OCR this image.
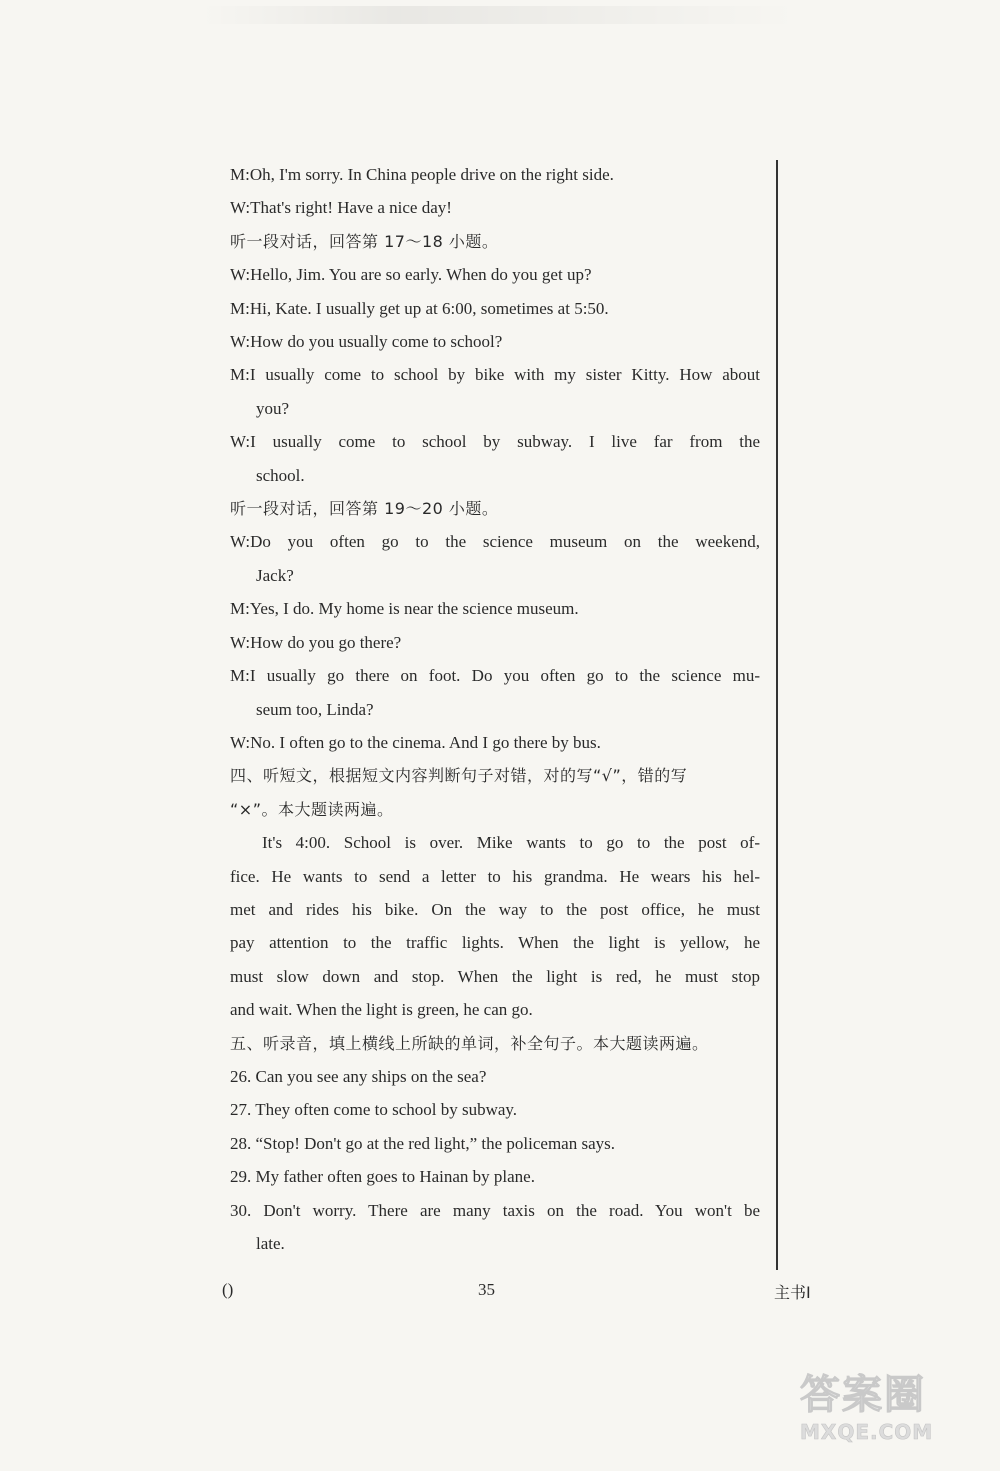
M:Oh, I'm sorry. In China people drive on the right side.
W:That's right! Have a nice day!
听一段对话，回答第 17～18 小题。
W:Hello, Jim. You are so early. When do you get up?
M:Hi, Kate. I usually get up at 6:00, sometimes at 5:50.
W:How do you usually come to school?
M:I usually come to school by bike with my sister Kitty. How about
you?
W:I usually come to school by subway. I live far from the
school.
听一段对话，回答第 19～20 小题。
W:Do you often go to the science museum on the weekend,
Jack?
M:Yes, I do. My home is near the science museum.
W:How do you go there?
M:I usually go there on foot. Do you often go to the science mu-
seum too, Linda?
W:No. I often go to the cinema. And I go there by bus.
四、听短文，根据短文内容判断句子对错，对的写“√”，错的写
“×”。本大题读两遍。
It's 4:00. School is over. Mike wants to go to the post of-
fice. He wants to send a letter to his grandma. He wears his hel-
met and rides his bike. On the way to the post office, he must
pay attention to the traffic lights. When the light is yellow, he
must slow down and stop. When the light is red, he must stop
and wait. When the light is green, he can go.
五、听录音，填上横线上所缺的单词，补全句子。本大题读两遍。
26. Can you see any ships on the sea?
27. They often come to school by subway.
28. “Stop! Don't go at the red light,” the policeman says.
29. My father often goes to Hainan by plane.
30. Don't worry. There are many taxis on the road. You won't be
late.
()	35	主书I
答案圈
MXQE.COM
